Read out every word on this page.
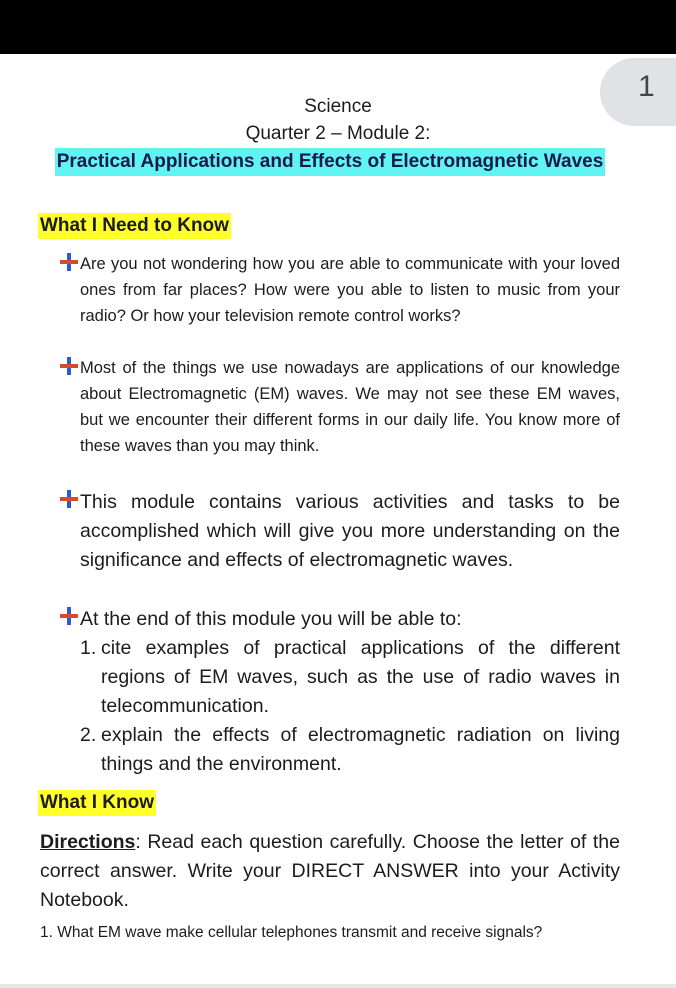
1
Science
Quarter 2 – Module 2:
Practical Applications and Effects of Electromagnetic Waves
What I Need to Know
Are you not wondering how you are able to communicate with your loved ones from far places? How were you able to listen to music from your radio? Or how your television remote control works?
Most of the things we use nowadays are applications of our knowledge about Electromagnetic (EM) waves. We may not see these EM waves, but we encounter their different forms in our daily life. You know more of these waves than you may think.
This module contains various activities and tasks to be accomplished which will give you more understanding on the significance and effects of electromagnetic waves.
At the end of this module you will be able to:
1. cite examples of practical applications of the different regions of EM waves, such as the use of radio waves in telecommunication.
2. explain the effects of electromagnetic radiation on living things and the environment.
What I Know
Directions: Read each question carefully. Choose the letter of the correct answer. Write your DIRECT ANSWER into your Activity Notebook.
1. What EM wave make cellular telephones transmit and receive signals?
